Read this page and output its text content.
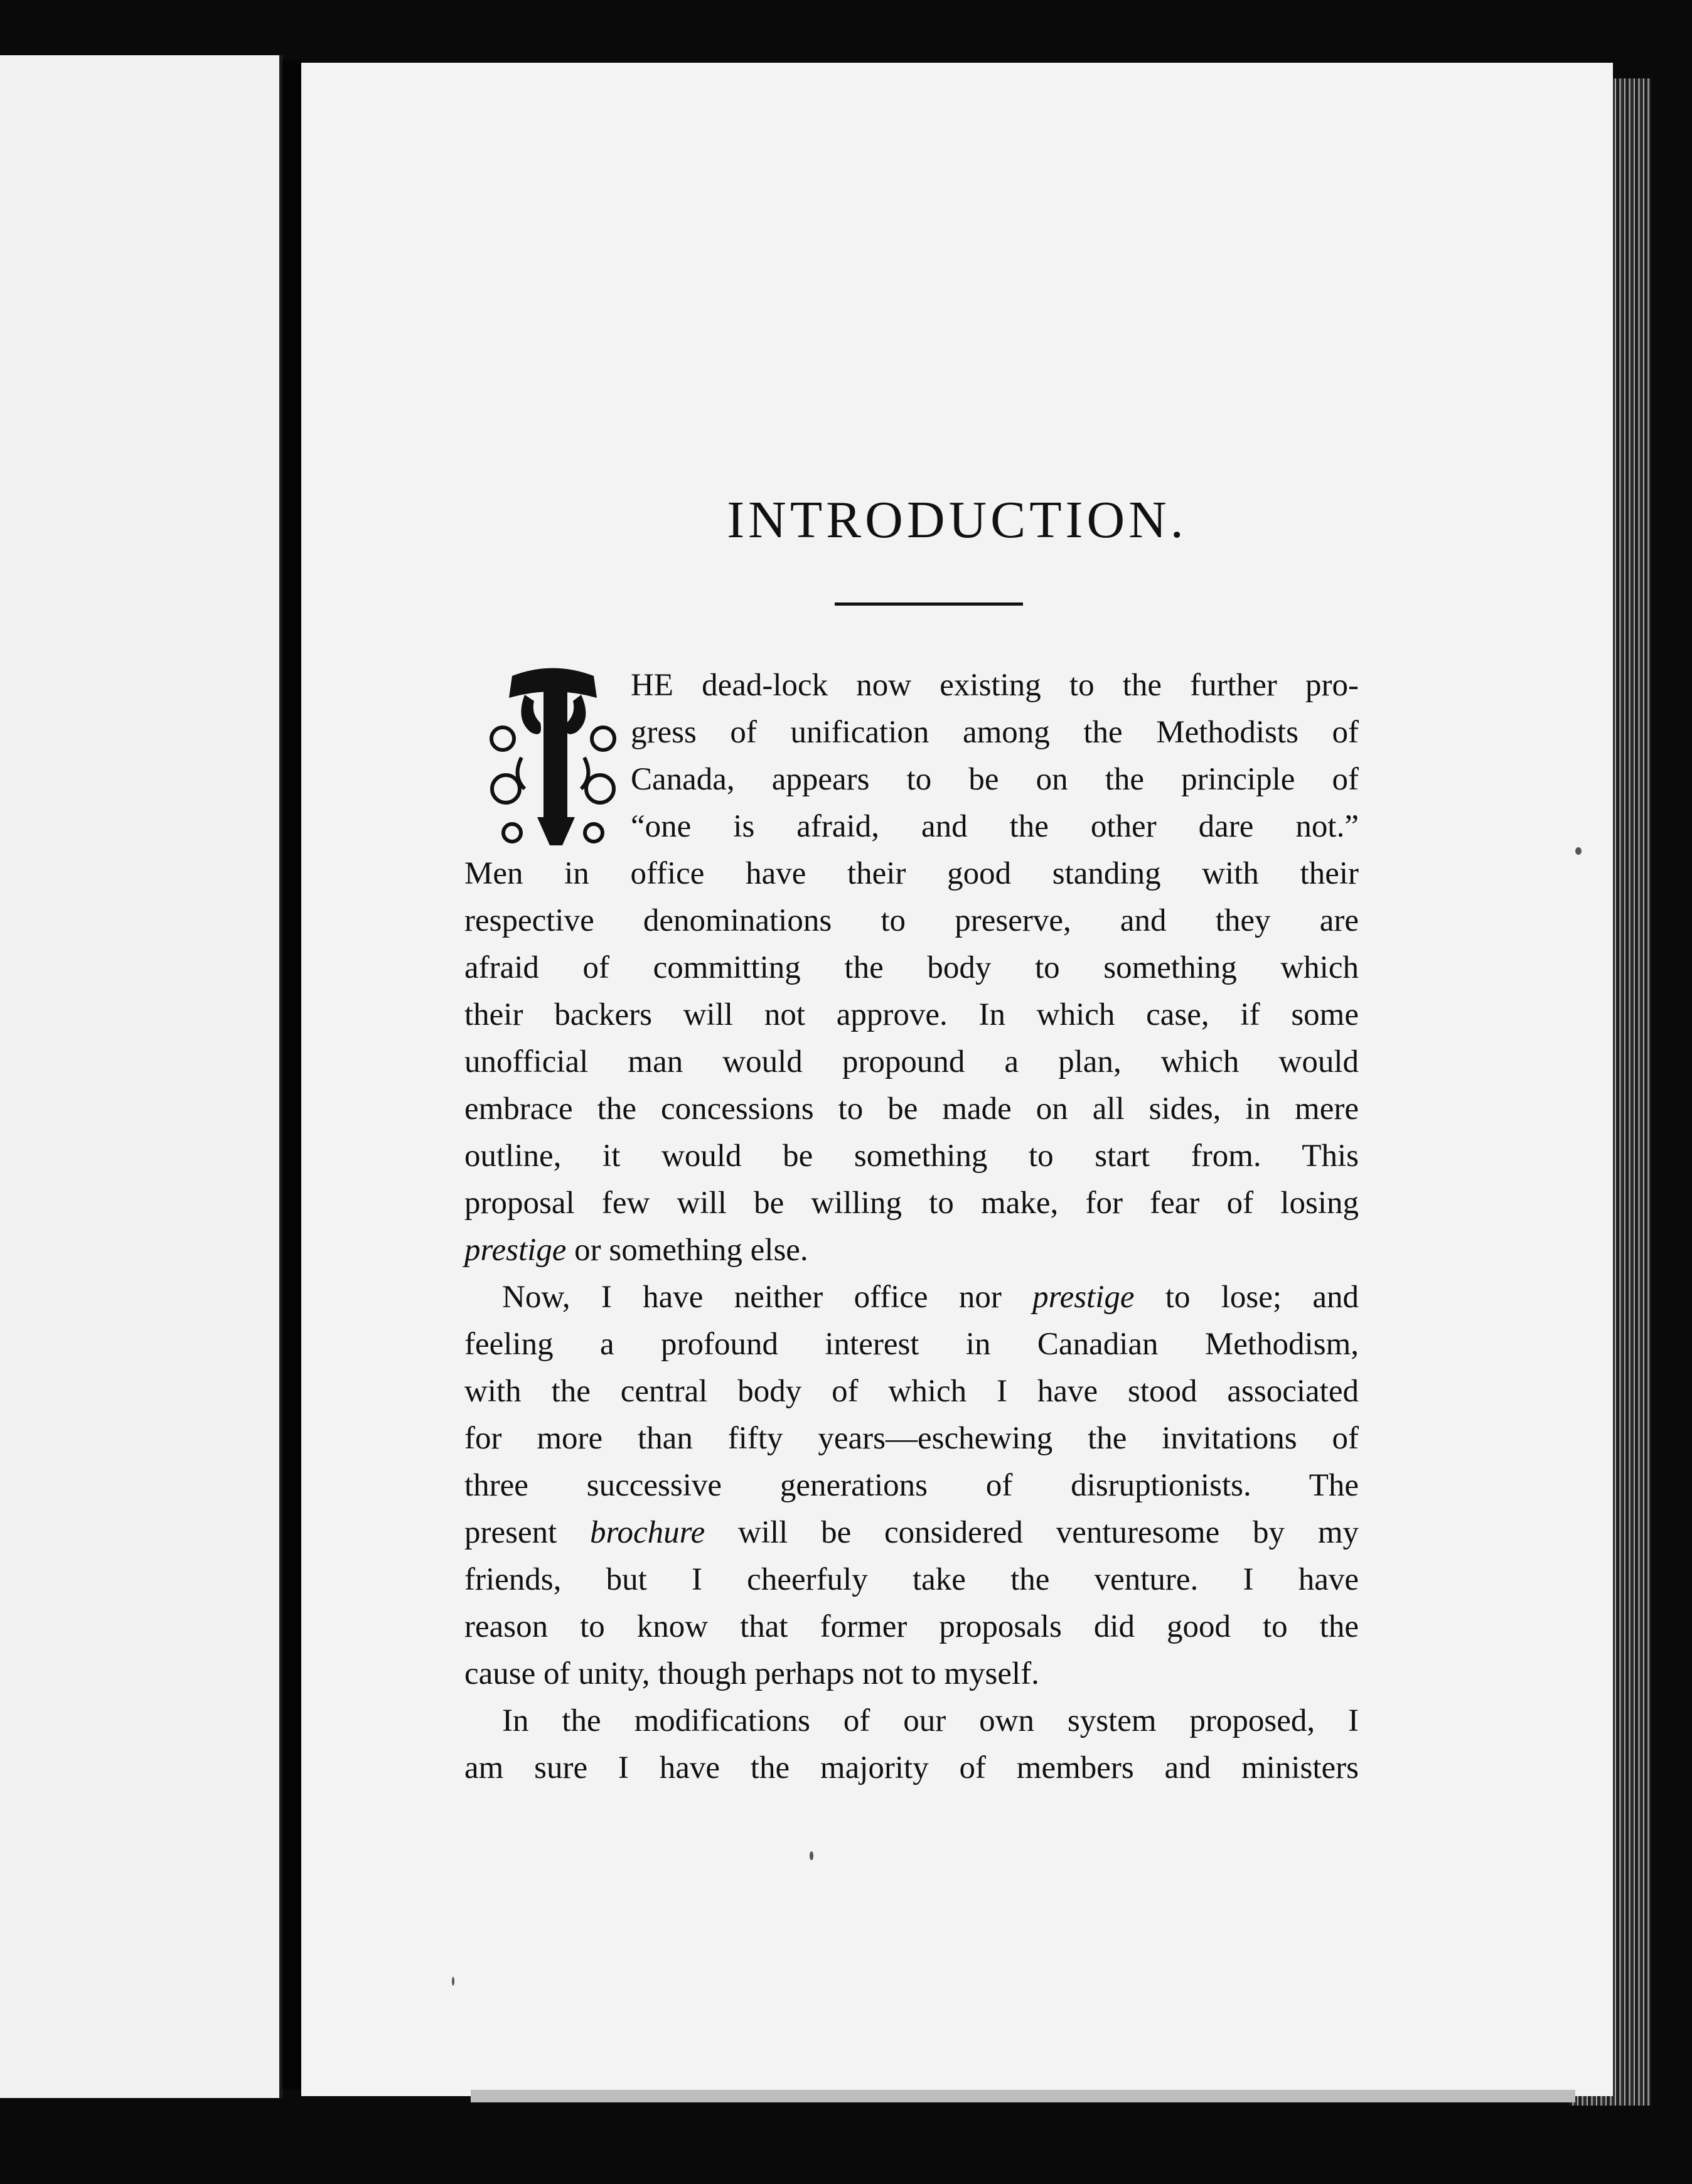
INTRODUCTION.
HE dead-lock now existing to the further pro-
gress of unification among the Methodists of
Canada, appears to be on the principle of
“one is afraid, and the other dare not.”
Men in office have their good standing with their
respective denominations to preserve, and they are
afraid of committing the body to something which
their backers will not approve. In which case, if some
unofficial man would propound a plan, which would
embrace the concessions to be made on all sides, in mere
outline, it would be something to start from. This
proposal few will be willing to make, for fear of losing
prestige or something else.
Now, I have neither office nor prestige to lose; and
feeling a profound interest in Canadian Methodism,
with the central body of which I have stood associated
for more than fifty years—eschewing the invitations of
three successive generations of disruptionists. The
present brochure will be considered venturesome by my
friends, but I cheerfuly take the venture. I have
reason to know that former proposals did good to the
cause of unity, though perhaps not to myself.
In the modifications of our own system proposed, I
am sure I have the majority of members and ministers
